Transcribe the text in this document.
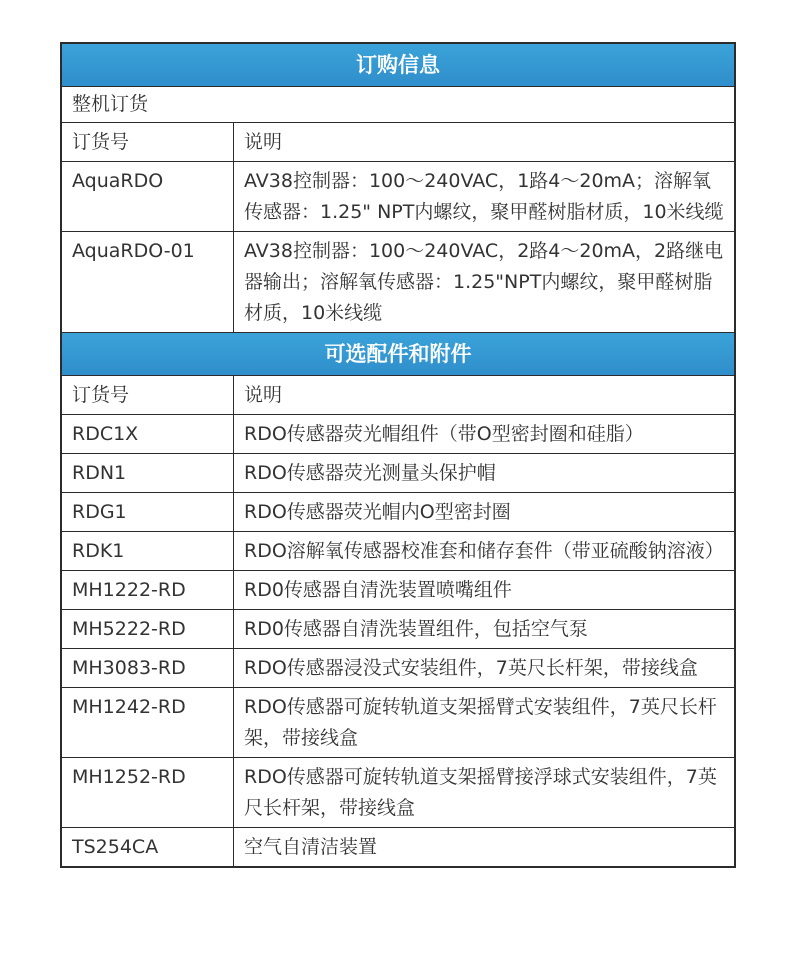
订购信息
整机订货
订货号	说明
AquaRDO	AV38控制器：100～240VAC，1路4～20mA；溶解氧传感器：1.25" NPT内螺纹，聚甲醛树脂材质，10米线缆
AquaRDO-01	AV38控制器：100～240VAC，2路4～20mA，2路继电器输出；溶解氧传感器：1.25"NPT内螺纹，聚甲醛树脂材质，10米线缆
可选配件和附件
订货号	说明
RDC1X	RDO传感器荧光帽组件（带O型密封圈和硅脂）
RDN1	RDO传感器荧光测量头保护帽
RDG1	RDO传感器荧光帽内O型密封圈
RDK1	RDO溶解氧传感器校准套和储存套件（带亚硫酸钠溶液）
MH1222-RD	RD0传感器自清洗装置喷嘴组件
MH5222-RD	RD0传感器自清洗装置组件，包括空气泵
MH3083-RD	RDO传感器浸没式安装组件，7英尺长杆架，带接线盒
MH1242-RD	RDO传感器可旋转轨道支架摇臂式安装组件，7英尺长杆架，带接线盒
MH1252-RD	RDO传感器可旋转轨道支架摇臂接浮球式安装组件，7英尺长杆架，带接线盒
TS254CA	空气自清洁装置
